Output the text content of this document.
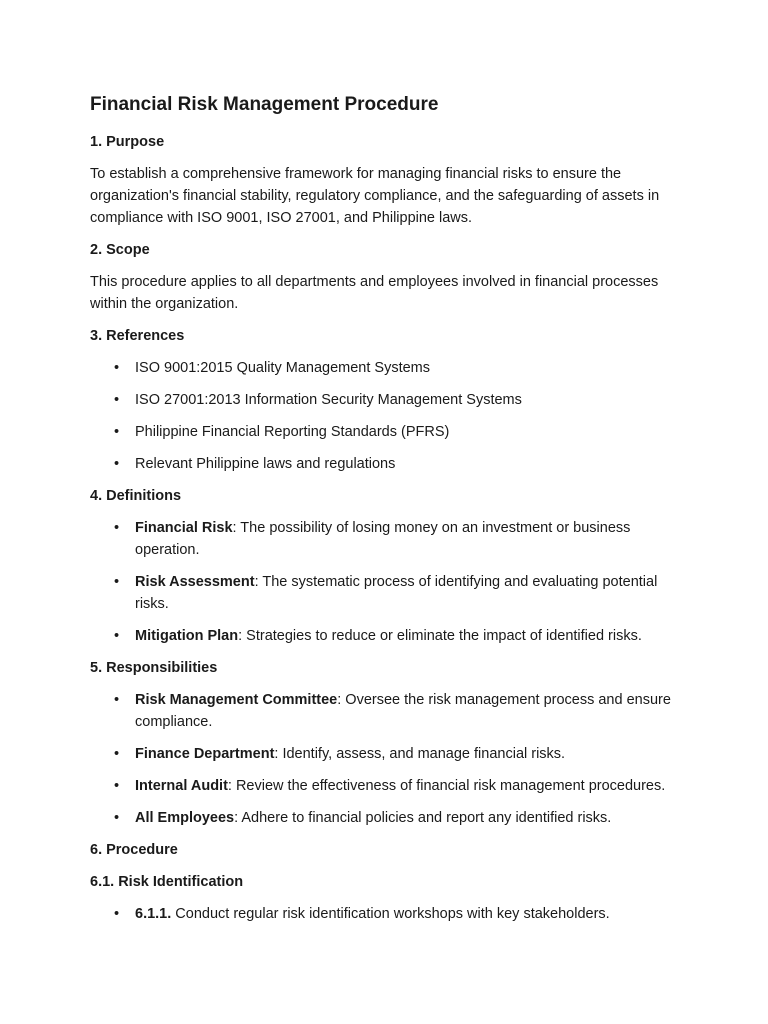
Financial Risk Management Procedure
1. Purpose

To establish a comprehensive framework for managing financial risks to ensure the organization's financial stability, regulatory compliance, and the safeguarding of assets in compliance with ISO 9001, ISO 27001, and Philippine laws.

2. Scope

This procedure applies to all departments and employees involved in financial processes within the organization.

3. References
• ISO 9001:2015 Quality Management Systems
• ISO 27001:2013 Information Security Management Systems
• Philippine Financial Reporting Standards (PFRS)
• Relevant Philippine laws and regulations
4. Definitions
• Financial Risk: The possibility of losing money on an investment or business operation.
• Risk Assessment: The systematic process of identifying and evaluating potential risks.
• Mitigation Plan: Strategies to reduce or eliminate the impact of identified risks.
5. Responsibilities
• Risk Management Committee: Oversee the risk management process and ensure compliance.
• Finance Department: Identify, assess, and manage financial risks.
• Internal Audit: Review the effectiveness of financial risk management procedures.
• All Employees: Adhere to financial policies and report any identified risks.
6. Procedure
6.1. Risk Identification
• 6.1.1. Conduct regular risk identification workshops with key stakeholders.
